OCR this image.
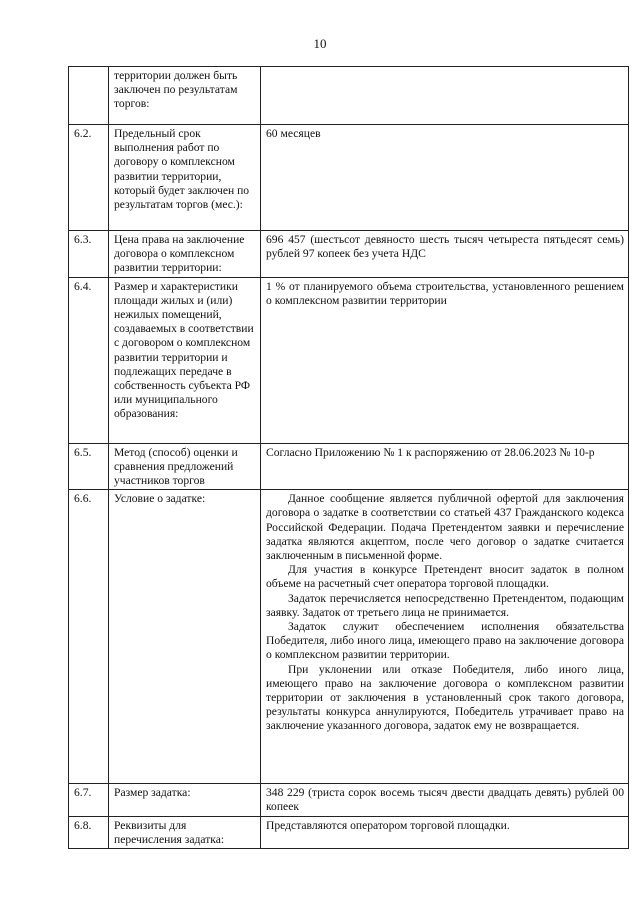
10
	территории должен быть заключен по результатам торгов:	
6.2.	Предельный срок выполнения работ по договору о комплексном развитии территории, который будет заключен по результатам торгов (мес.):	60 месяцев
6.3.	Цена права на заключение договора о комплексном развитии территории:	696 457 (шестьсот девяносто шесть тысяч четыреста пятьдесят семь) рублей 97 копеек без учета НДС
6.4.	Размер и характеристики площади жилых и (или) нежилых помещений, создаваемых в соответствии с договором о комплексном развитии территории и подлежащих передаче в собственность субъекта РФ или муниципального образования:	1 % от планируемого объема строительства, установленного решением о комплексном развитии территории
6.5.	Метод (способ) оценки и сравнения предложений участников торгов	Согласно Приложению № 1 к распоряжению от 28.06.2023 № 10-р
6.6.	Условие о задатке:	Данное сообщение является публичной офертой для заключения договора о задатке в соответствии со статьей 437 Гражданского кодекса Российской Федерации. Подача Претендентом заявки и перечисление задатка являются акцептом, после чего договор о задатке считается заключенным в письменной форме.

Для участия в конкурсе Претендент вносит задаток в полном объеме на расчетный счет оператора торговой площадки.

Задаток перечисляется непосредственно Претендентом, подающим заявку. Задаток от третьего лица не принимается.

Задаток служит обеспечением исполнения обязательства Победителя, либо иного лица, имеющего право на заключение договора о комплексном развитии территории.

При уклонении или отказе Победителя, либо иного лица, имеющего право на заключение договора о комплексном развитии территории от заключения в установленный срок такого договора, результаты конкурса аннулируются, Победитель утрачивает право на заключение указанного договора, задаток ему не возвращается.

6.7.	Размер задатка:	348 229 (триста сорок восемь тысяч двести двадцать девять) рублей 00 копеек
6.8.	Реквизиты для перечисления задатка:	Представляются оператором торговой площадки.
